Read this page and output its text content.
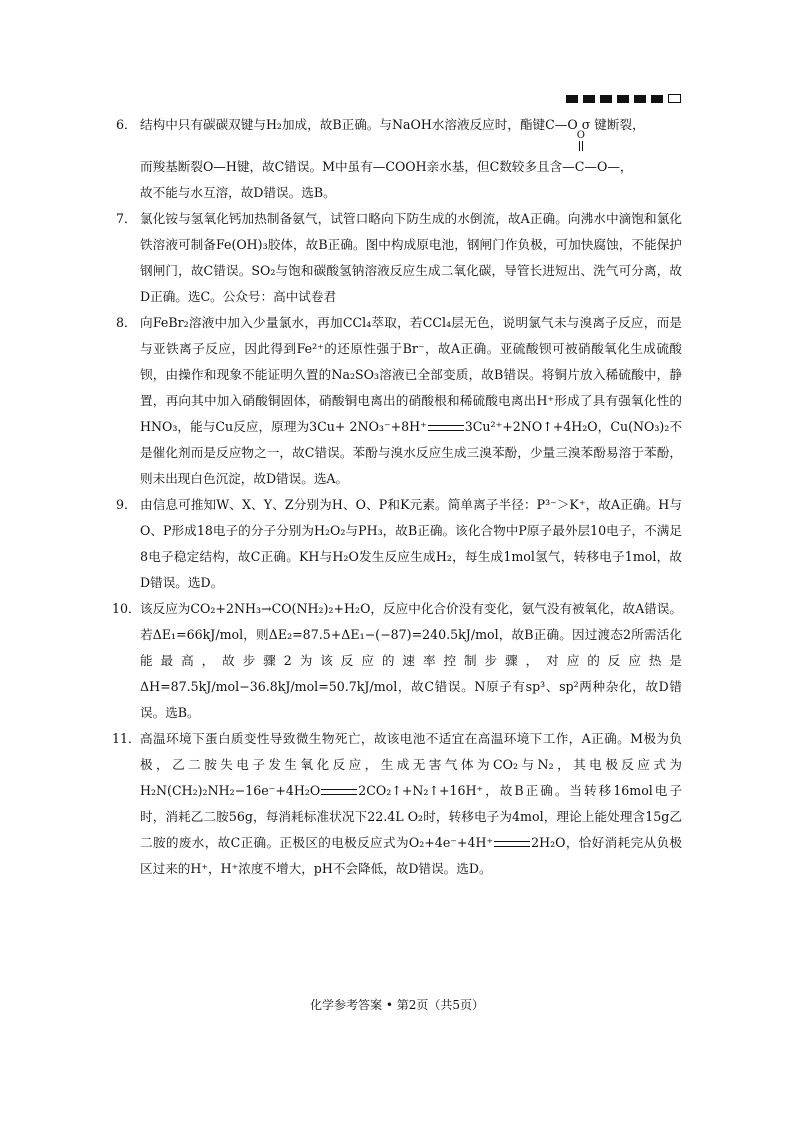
6． 结构中只有碳碳双键与H₂加成，故B正确。与NaOH水溶液反应时，酯键C—O σ 键断裂，

而羧基断裂O—H键，故C错误。M中虽有—COOH亲水基，但C数较多且含—
O
C—O—，

故不能与水互溶，故D错误。选B。

7． 氯化铵与氢氧化钙加热制备氨气，试管口略向下防生成的水倒流，故A正确。向沸水中滴饱和氯化铁溶液可制备Fe(OH)₃胶体，故B正确。图中构成原电池，钢闸门作负极，可加快腐蚀，不能保护钢闸门，故C错误。SO₂与饱和碳酸氢钠溶液反应生成二氧化碳，导管长进短出、洗气可分离，故D正确。选C。公众号：高中试卷君

8． 向FeBr₂溶液中加入少量氯水，再加CCl₄萃取，若CCl₄层无色，说明氯气未与溴离子反应，而是与亚铁离子反应，因此得到Fe²⁺的还原性强于Br⁻，故A正确。亚硫酸钡可被硝酸氧化生成硫酸钡，由操作和现象不能证明久置的Na₂SO₃溶液已全部变质，故B错误。将铜片放入稀硫酸中，静置，再向其中加入硝酸铜固体，硝酸铜电离出的硝酸根和稀硫酸电离出H⁺形成了具有强氧化性的HNO₃，能与Cu反应，原理为3Cu+ 2NO₃⁻+8H⁺	3Cu²⁺+2NO↑+4H₂O，Cu(NO₃)₂不是催化剂而是反应物之一，故C错误。苯酚与溴水反应生成三溴苯酚，少量三溴苯酚易溶于苯酚，则未出现白色沉淀，故D错误。选A。

9． 由信息可推知W、X、Y、Z分别为H、O、P和K元素。简单离子半径：P³⁻＞K⁺，故A正确。H与O、P形成18电子的分子分别为H₂O₂与PH₃，故B正确。该化合物中P原子最外层10电子，不满足8电子稳定结构，故C正确。KH与H₂O发生反应生成H₂，每生成1mol氢气，转移电子1mol，故D错误。选D。

10． 该反应为CO₂+2NH₃→CO(NH₂)₂+H₂O，反应中化合价没有变化，氨气没有被氧化，故A错误。若ΔE₁=66kJ/mol，则ΔE₂=87.5+ΔE₁−(−87)=240.5kJ/mol，故B正确。因过渡态2所需活化能最高，故步骤2为该反应的速率控制步骤，对应的反应热是ΔH=87.5kJ/mol−36.8kJ/mol=50.7kJ/mol，故C错误。N原子有sp³、sp²两种杂化，故D错误。选B。

11． 高温环境下蛋白质变性导致微生物死亡，故该电池不适宜在高温环境下工作，A正确。M极为负极，乙二胺失电子发生氧化反应，生成无害气体为CO₂与N₂，其电极反应式为H₂N(CH₂)₂NH₂−16e⁻+4H₂O	2CO₂↑+N₂↑+16H⁺，故B正确。当转移16mol电子时，消耗乙二胺56g，每消耗标准状况下22.4L O₂时，转移电子为4mol，理论上能处理含15g乙二胺的废水，故C正确。正极区的电极反应式为O₂+4e⁻+4H⁺	2H₂O，恰好消耗完从负极区过来的H⁺，H⁺浓度不增大，pH不会降低，故D错误。选D。

化学参考答案 • 第2页（共5页）
